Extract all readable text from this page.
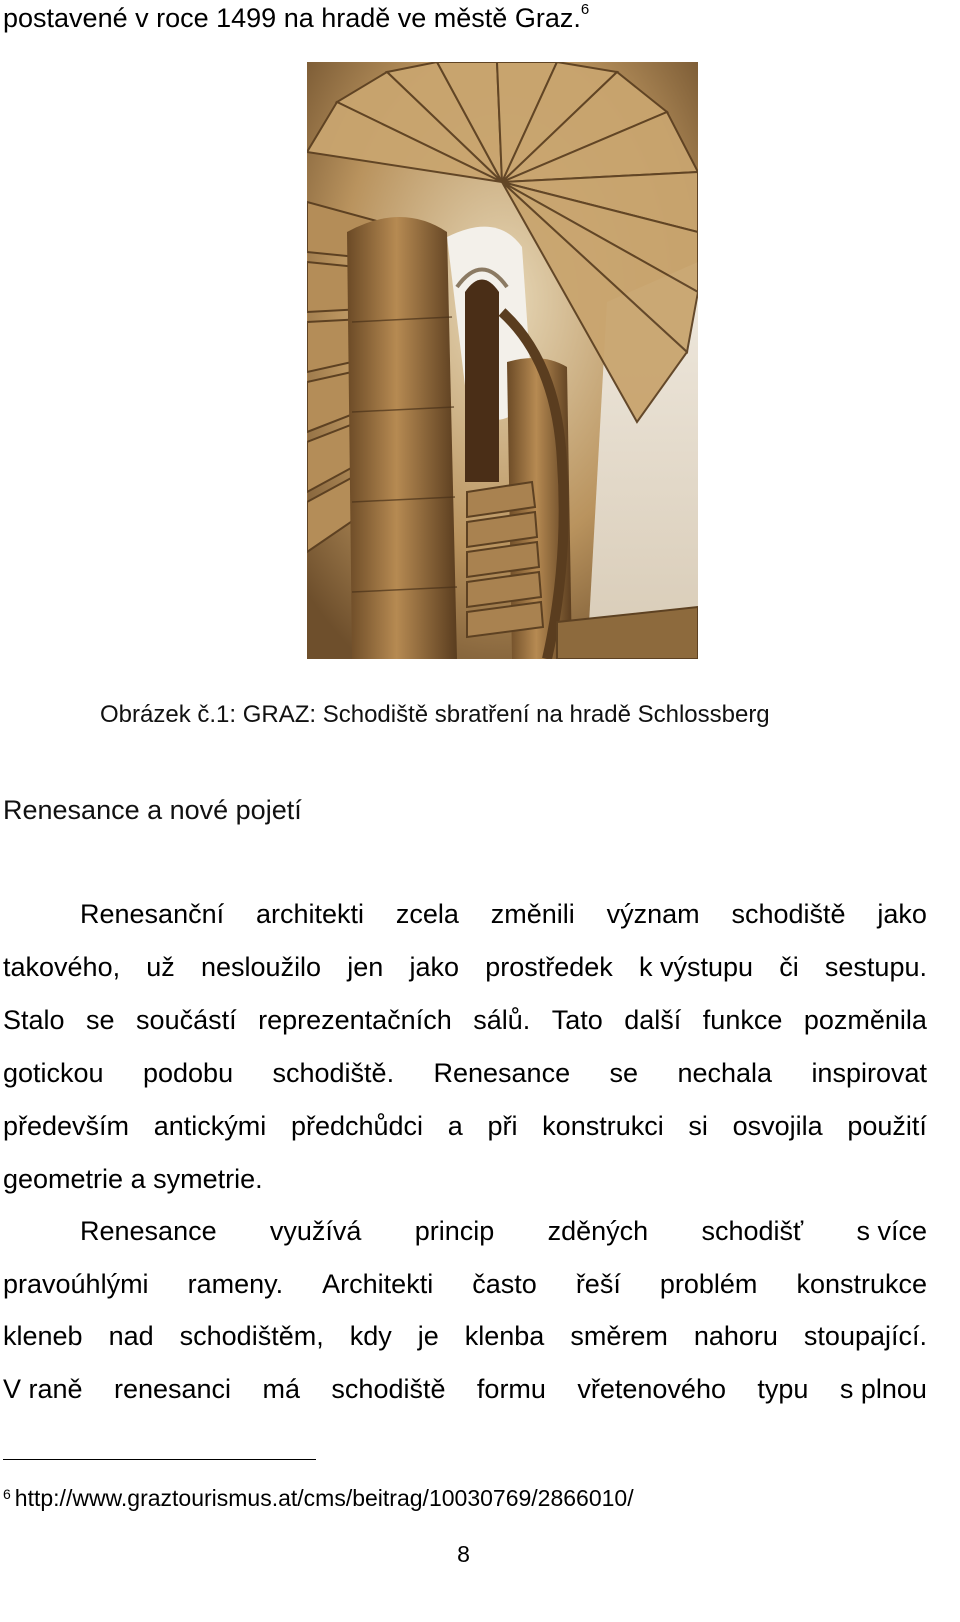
postavené v roce 1499 na hradě ve městě Graz.$^6$
Obrázek č.1: GRAZ: Schodiště sbratření na hradě Schlossberg
Renesance a nové pojetí
Renesanční architekti zcela změnili význam schodiště jako
takového, už nesloužilo jen jako prostředek k výstupu či sestupu.
Stalo se součástí reprezentačních sálů. Tato další funkce pozměnila
gotickou podobu schodiště. Renesance se nechala inspirovat
především antickými předchůdci a při konstrukci si osvojila použití
geometrie a symetrie.
Renesance využívá princip zděných schodišť s více
pravoúhlými rameny. Architekti často řeší problém konstrukce
kleneb nad schodištěm, kdy je klenba směrem nahoru stoupající.
V raně renesanci má schodiště formu vřetenového typu s plnou
$^6$ http://www.graztourismus.at/cms/beitrag/10030769/2866010/
8
